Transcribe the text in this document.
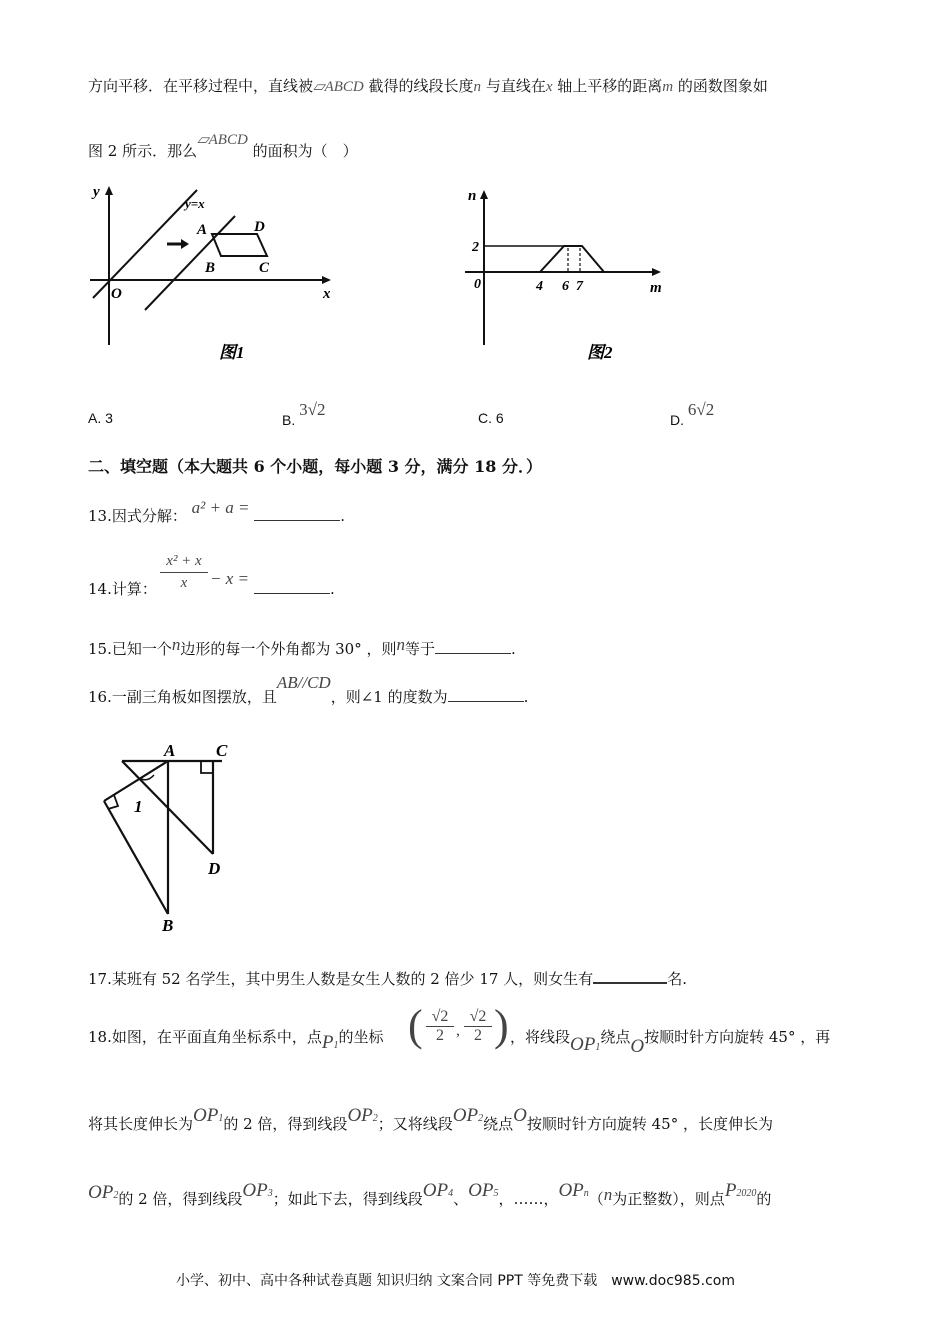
方向平移．在平移过程中，直线被▱ABCD 截得的线段长度n 与直线在x 轴上平移的距离m 的函数图象如
图 2 所示．那么▱ABCD 的面积为（　）
y
y=x
A	D
B	C
O	x
图1
n
2
0	4 6 7	m
图2
A. 3	B. 3√2	C. 6	D. 6√2
二、填空题（本大题共 6 个小题，每小题 3 分，满分 18 分．）
13.因式分解： a² + a =	.
14.计算：
x² + x
x	− x =
.
15.已知一个n边形的每一个外角都为 30° ，则n等于	.
16.一副三角板如图摆放，且AB//CD，则∠1 的度数为	.
A C
1
D
B
17.某班有 52 名学生，其中男生人数是女生人数的 2 倍少 17 人，则女生有	名.
18.如图，在平面直角坐标系中，点P1的坐标 ( √2
2 ,
√2
2 ) ，将线段OP1绕点O按顺时针方向旋转 45° ，再
将其长度伸长为OP1的 2 倍，得到线段OP2；又将线段OP2绕点O按顺时针方向旋转 45° ，长度伸长为
OP2的 2 倍，得到线段OP3；如此下去，得到线段OP4、OP5，……，OPn（n为正整数），则点P2020的
小学、初中、高中各种试卷真题 知识归纳 文案合同 PPT 等免费下载　www.doc985.com
